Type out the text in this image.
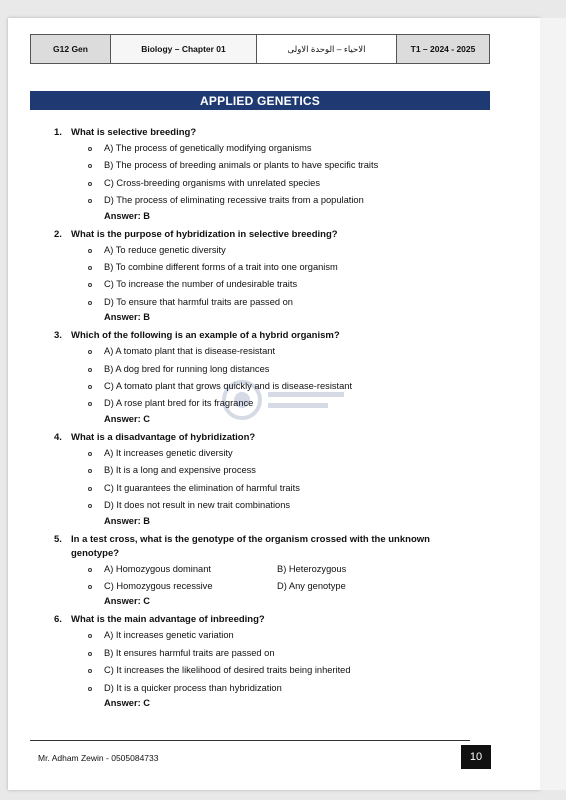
G12 Gen	Biology – Chapter 01	الاحياء – الوحدة الاولى	T1 – 2024 - 2025
APPLIED GENETICS
1. What is selective breeding?
A) The process of genetically modifying organisms
B) The process of breeding animals or plants to have specific traits
C) Cross-breeding organisms with unrelated species
D) The process of eliminating recessive traits from a population
Answer: B
2. What is the purpose of hybridization in selective breeding?
A) To reduce genetic diversity
B) To combine different forms of a trait into one organism
C) To increase the number of undesirable traits
D) To ensure that harmful traits are passed on
Answer: B
3. Which of the following is an example of a hybrid organism?
A) A tomato plant that is disease-resistant
B) A dog bred for running long distances
C) A tomato plant that grows quickly and is disease-resistant
D) A rose plant bred for its fragrance
Answer: C
4. What is a disadvantage of hybridization?
A) It increases genetic diversity
B) It is a long and expensive process
C) It guarantees the elimination of harmful traits
D) It does not result in new trait combinations
Answer: B
5. In a test cross, what is the genotype of the organism crossed with the unknown
genotype?
A) Homozygous dominant	B) Heterozygous
C) Homozygous recessive	D) Any genotype
Answer: C
6. What is the main advantage of inbreeding?
A) It increases genetic variation
B) It ensures harmful traits are passed on
C) It increases the likelihood of desired traits being inherited
D) It is a quicker process than hybridization
Answer: C
Mr. Adham Zewin - 0505084733	10
